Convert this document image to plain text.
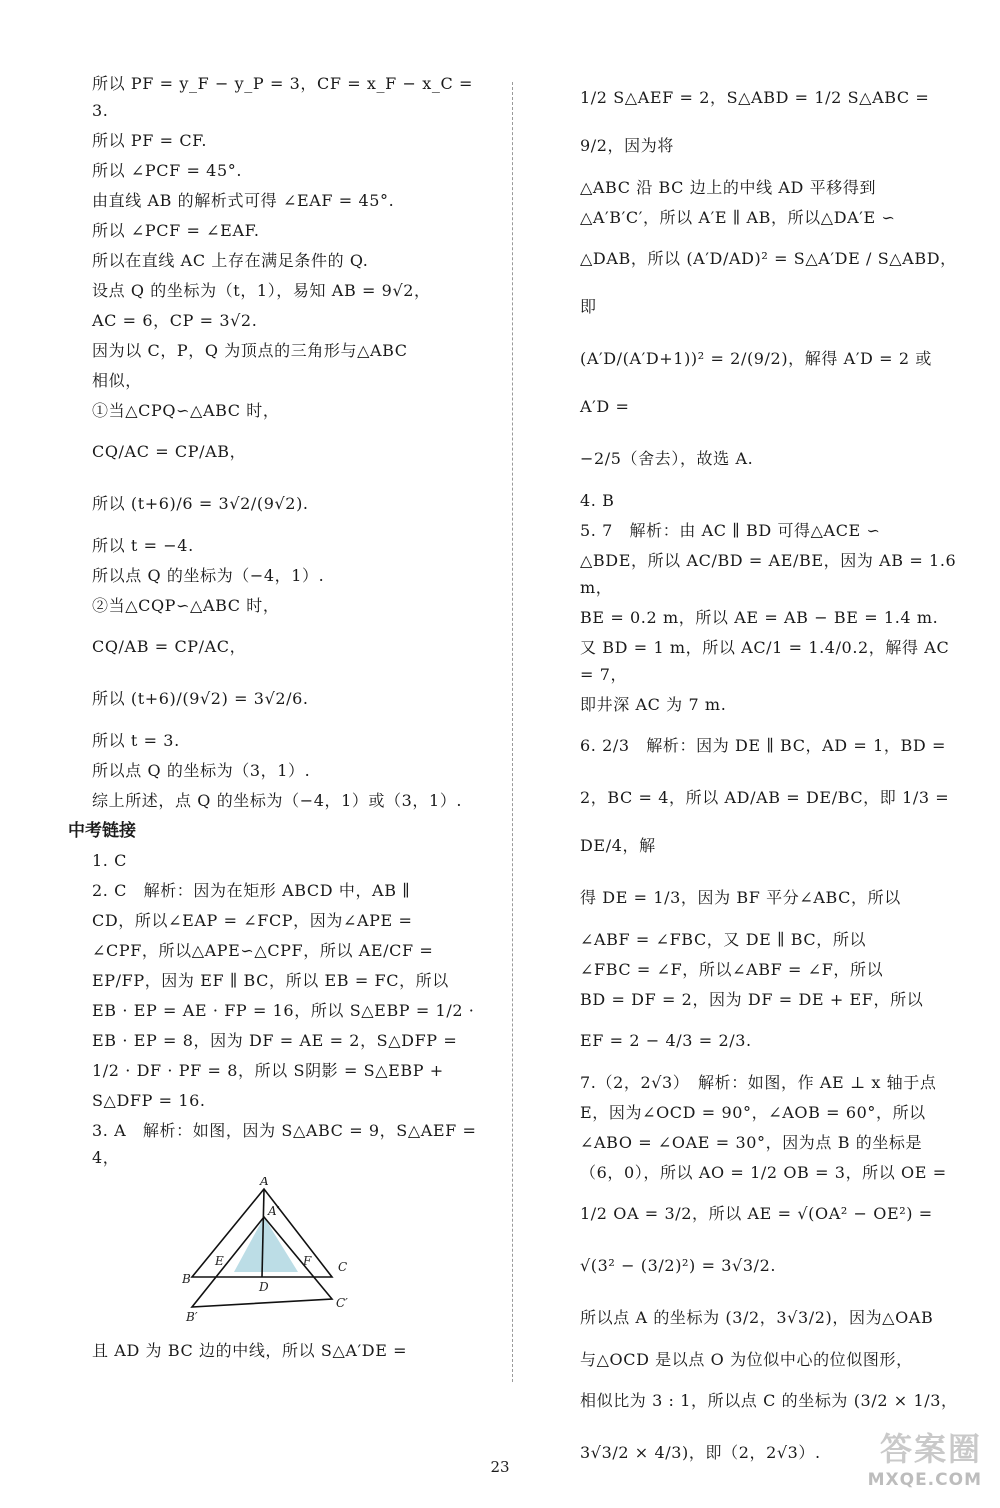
所以 PF = y_F − y_P = 3，CF = x_F − x_C = 3.

所以 PF = CF.

所以 ∠PCF = 45°.

由直线 AB 的解析式可得 ∠EAF = 45°.

所以 ∠PCF = ∠EAF.

所以在直线 AC 上存在满足条件的 Q.

设点 Q 的坐标为（t，1），易知 AB = 9√2，

AC = 6，CP = 3√2.

因为以 C，P，Q 为顶点的三角形与△ABC

相似，

①当△CPQ∽△ABC 时，

CQ/AC = CP/AB，

所以 (t+6)/6 = 3√2/(9√2).

所以 t = −4.

所以点 Q 的坐标为（−4，1）.

②当△CQP∽△ABC 时，

CQ/AB = CP/AC，

所以 (t+6)/(9√2) = 3√2/6.

所以 t = 3.

所以点 Q 的坐标为（3，1）.

综上所述，点 Q 的坐标为（−4，1）或（3，1）.

中考链接

1. C

2. C　解析：因为在矩形 ABCD 中，AB ∥

CD，所以∠EAP = ∠FCP，因为∠APE =

∠CPF，所以△APE∽△CPF，所以 AE/CF =

EP/FP，因为 EF ∥ BC，所以 EB = FC，所以

EB · EP = AE · FP = 16，所以 S△EBP = 1/2 ·

EB · EP = 8，因为 DF = AE = 2，S△DFP =

1/2 · DF · PF = 8，所以 S阴影 = S△EBP +

S△DFP = 16.

3. A　解析：如图，因为 S△ABC = 9，S△AEF = 4，

A
A′
E	F C
B
D
C′
B′

且 AD 为 BC 边的中线，所以 S△A′DE =

1/2 S△AEF = 2，S△ABD = 1/2 S△ABC = 9/2，因为将

△ABC 沿 BC 边上的中线 AD 平移得到

△A′B′C′，所以 A′E ∥ AB，所以△DA′E ∽

△DAB，所以 (A′D/AD)² = S△A′DE / S△ABD，即

(A′D/(A′D+1))² = 2/(9/2)，解得 A′D = 2 或 A′D =

−2/5（舍去），故选 A.

4. B

5. 7　解析：由 AC ∥ BD 可得△ACE ∽

△BDE，所以 AC/BD = AE/BE，因为 AB = 1.6 m，

BE = 0.2 m，所以 AE = AB − BE = 1.4 m.

又 BD = 1 m，所以 AC/1 = 1.4/0.2，解得 AC = 7，

即井深 AC 为 7 m.

6. 2/3　解析：因为 DE ∥ BC，AD = 1，BD =

2，BC = 4，所以 AD/AB = DE/BC，即 1/3 = DE/4，解

得 DE = 1/3，因为 BF 平分∠ABC，所以

∠ABF = ∠FBC，又 DE ∥ BC，所以

∠FBC = ∠F，所以∠ABF = ∠F，所以

BD = DF = 2，因为 DF = DE + EF，所以

EF = 2 − 4/3 = 2/3.

7.（2，2√3）　解析：如图，作 AE ⊥ x 轴于点

E，因为∠OCD = 90°，∠AOB = 60°，所以

∠ABO = ∠OAE = 30°，因为点 B 的坐标是

（6，0），所以 AO = 1/2 OB = 3，所以 OE =

1/2 OA = 3/2，所以 AE = √(OA² − OE²) =

√(3² − (3/2)²) = 3√3/2.

所以点 A 的坐标为 (3/2，3√3/2)，因为△OAB

与△OCD 是以点 O 为位似中心的位似图形，

相似比为 3 : 1，所以点 C 的坐标为 (3/2 × 1/3，

3√3/2 × 4/3)，即（2，2√3）.

23	答案圈
MXQE.COM
